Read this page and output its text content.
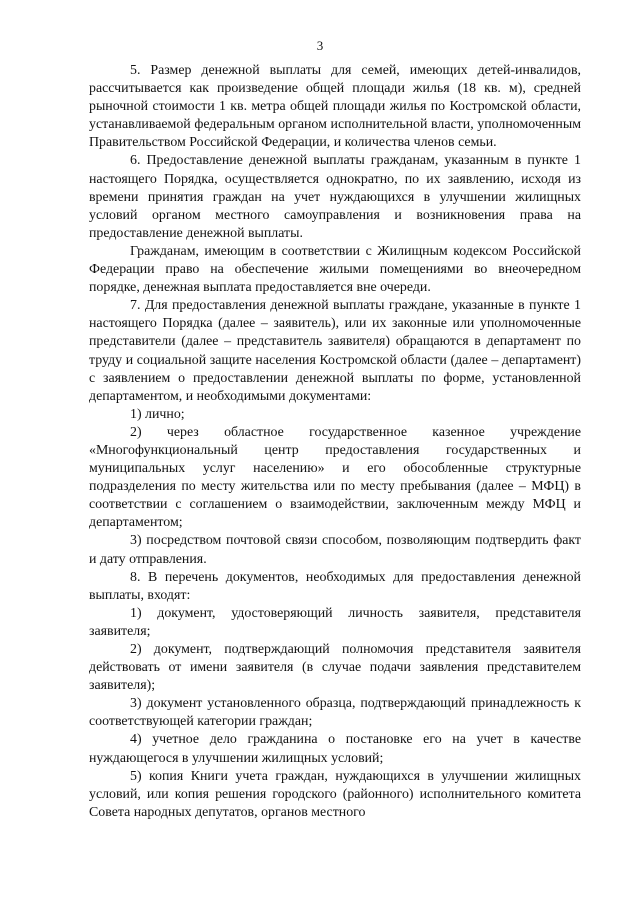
3

5. Размер денежной выплаты для семей, имеющих детей-инвалидов, рассчитывается как произведение общей площади жилья (18 кв. м), средней рыночной стоимости 1 кв. метра общей площади жилья по Костромской области, устанавливаемой федеральным органом исполнительной власти, уполномоченным Правительством Российской Федерации, и количества членов семьи.

6. Предоставление денежной выплаты гражданам, указанным в пункте 1 настоящего Порядка, осуществляется однократно, по их заявлению, исходя из времени принятия граждан на учет нуждающихся в улучшении жилищных условий органом местного самоуправления и возникновения права на предоставление денежной выплаты.

Гражданам, имеющим в соответствии с Жилищным кодексом Российской Федерации право на обеспечение жилыми помещениями во внеочередном порядке, денежная выплата предоставляется вне очереди.

7. Для предоставления денежной выплаты граждане, указанные в пункте 1 настоящего Порядка (далее – заявитель), или их законные или уполномоченные представители (далее – представитель заявителя) обращаются в департамент по труду и социальной защите населения Костромской области (далее – департамент) с заявлением о предоставлении денежной выплаты по форме, установленной департаментом, и необходимыми документами:

1) лично;

2) через областное государственное казенное учреждение «Многофункциональный центр предоставления государственных и муниципальных услуг населению» и его обособленные структурные подразделения по месту жительства или по месту пребывания (далее – МФЦ) в соответствии с соглашением о взаимодействии, заключенным между МФЦ и департаментом;

3) посредством почтовой связи способом, позволяющим подтвердить факт и дату отправления.

8. В перечень документов, необходимых для предоставления денежной выплаты, входят:

1) документ, удостоверяющий личность заявителя, представителя заявителя;

2) документ, подтверждающий полномочия представителя заявителя действовать от имени заявителя (в случае подачи заявления представителем заявителя);

3) документ установленного образца, подтверждающий принадлежность к соответствующей категории граждан;

4) учетное дело гражданина о постановке его на учет в качестве нуждающегося в улучшении жилищных условий;

5) копия Книги учета граждан, нуждающихся в улучшении жилищных условий, или копия решения городского (районного) исполнительного комитета Совета народных депутатов, органов местного
